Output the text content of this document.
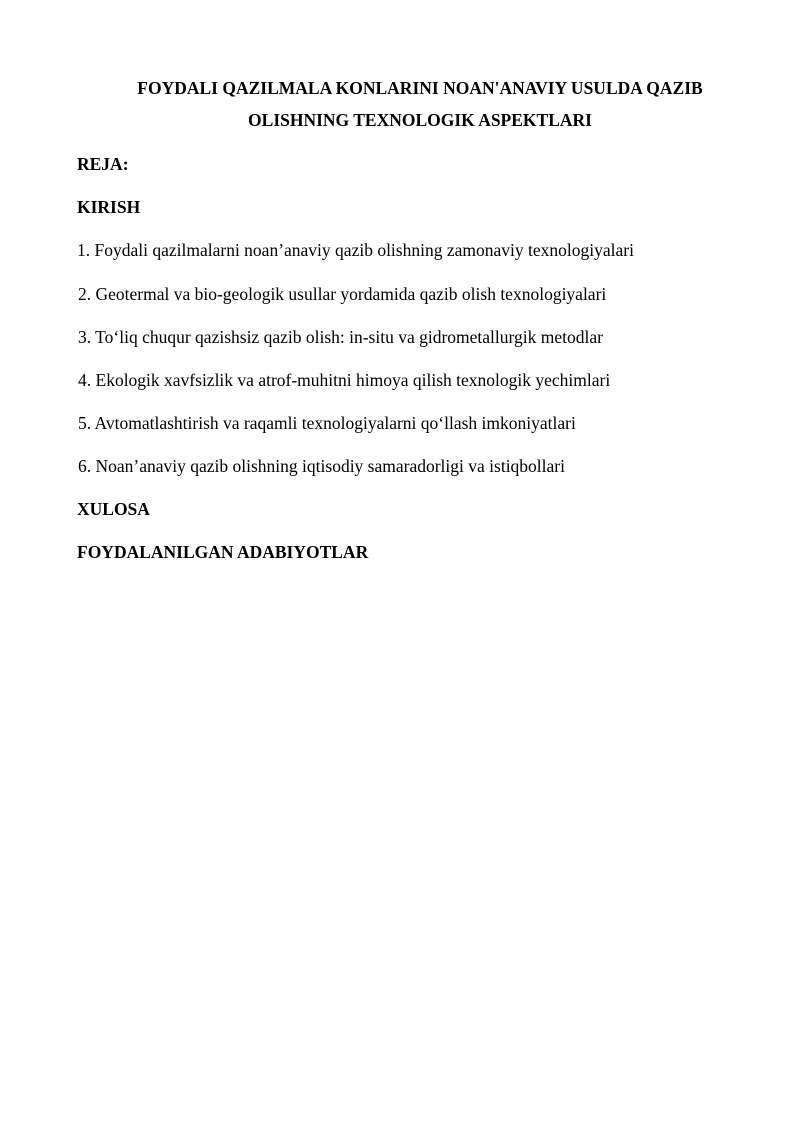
FOYDALI QAZILMALA KONLARINI NOAN'ANAVIY USULDA QAZIB
OLISHNING TEXNOLOGIK ASPEKTLARI
REJA:
KIRISH
1. Foydali qazilmalarni noan’anaviy qazib olishning zamonaviy texnologiyalari
2. Geotermal va bio-geologik usullar yordamida qazib olish texnologiyalari
3. To‘liq chuqur qazishsiz qazib olish: in-situ va gidrometallurgik metodlar
4. Ekologik xavfsizlik va atrof-muhitni himoya qilish texnologik yechimlari
5. Avtomatlashtirish va raqamli texnologiyalarni qo‘llash imkoniyatlari
6. Noan’anaviy qazib olishning iqtisodiy samaradorligi va istiqbollari
XULOSA
FOYDALANILGAN ADABIYOTLAR
